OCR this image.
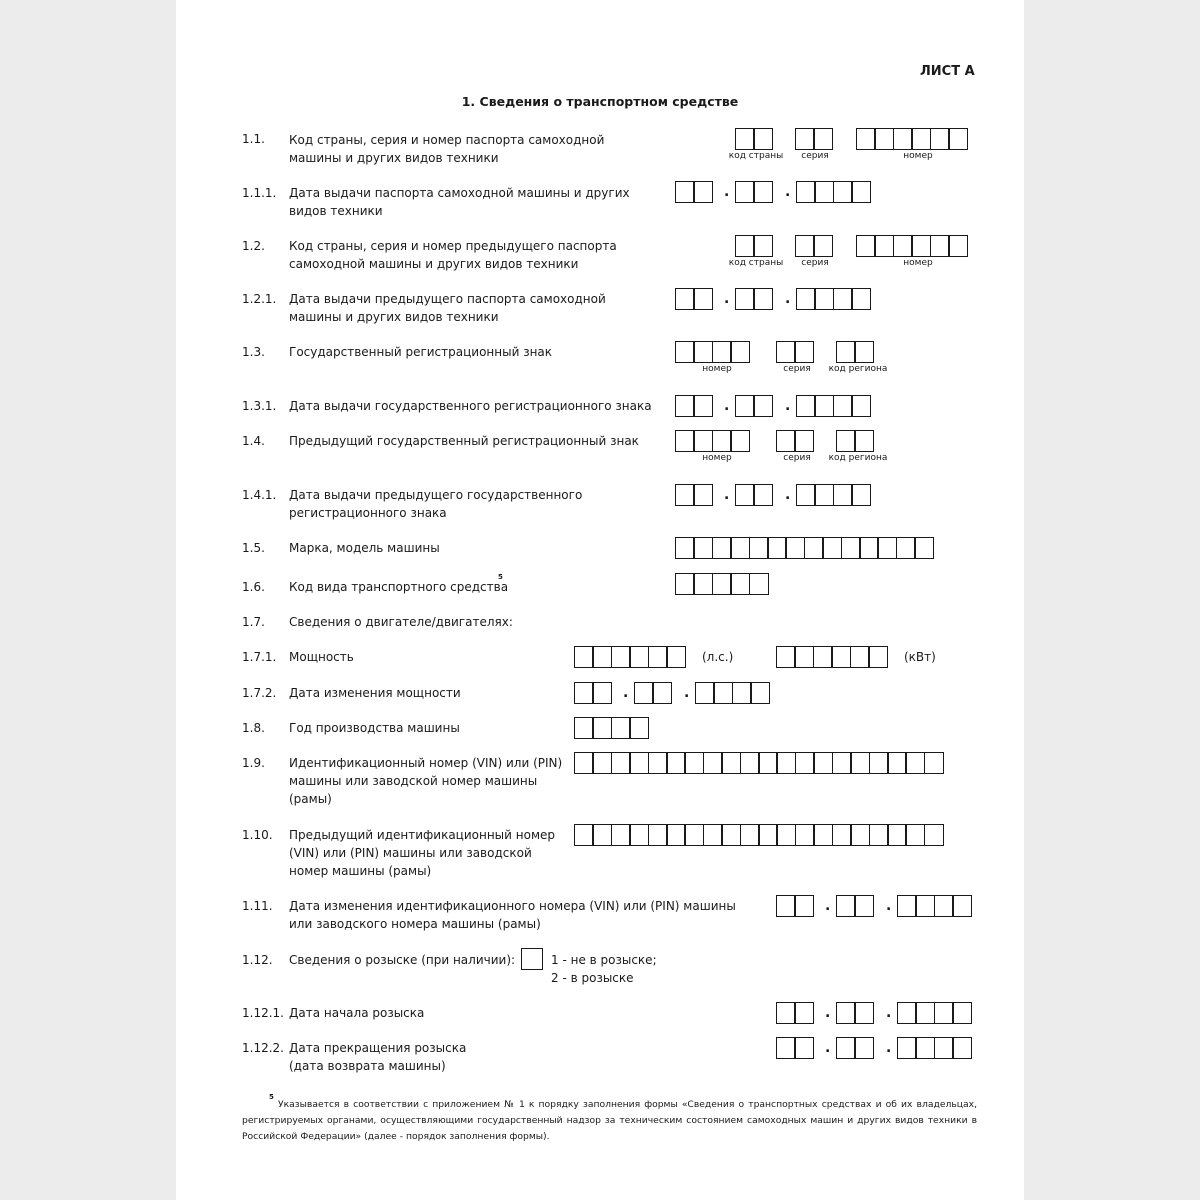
ЛИСТ А
1. Сведения о транспортном средстве
1.1. Код страны, серия и номер паспорта самоходной
машины и других видов техники	код страны	серия	номер
1.1.1. Дата выдачи паспорта самоходной машины и других
видов техники
.	.
1.2. Код страны, серия и номер предыдущего паспорта
самоходной машины и других видов техники	код страны	серия	номер
1.2.1. Дата выдачи предыдущего паспорта самоходной
машины и других видов техники
.	.
1.3. Государственный регистрационный знак
номер	серия	код региона
1.3.1. Дата выдачи государственного регистрационного знака	.	.
1.4. Предыдущий государственный регистрационный знак
номер	серия	код региона
1.4.1. Дата выдачи предыдущего государственного
регистрационного знака
.	.
1.5. Марка, модель машины
1.6. Код вида транспортного средства
5
1.7. Сведения о двигателе/двигателях:
1.7.1. Мощность	(л.с.)	(кВт)
1.7.2. Дата изменения мощности	.	.
1.8. Год производства машины
1.9. Идентификационный номер (VIN) или (PIN)
машины или заводской номер машины
(рамы)
1.10. Предыдущий идентификационный номер
(VIN) или (PIN) машины или заводской
номер машины (рамы)
1.11. Дата изменения идентификационного номера (VIN) или (PIN) машины
или заводского номера машины (рамы)
.	.
1.12. Сведения о розыске (при наличии):	1 - не в розыске;
2 - в розыске
1.12.1. Дата начала розыска	.	.
1.12.2. Дата прекращения розыска
(дата возврата машины)
.	.
5
Указывается в соответствии с приложением № 1 к порядку заполнения формы «Сведения о транспортных средствах и об их владельцах, регистрируемых органами, осуществляющими государственный надзор за техническим состоянием самоходных машин и других видов техники в Российской Федерации» (далее - порядок заполнения формы).
